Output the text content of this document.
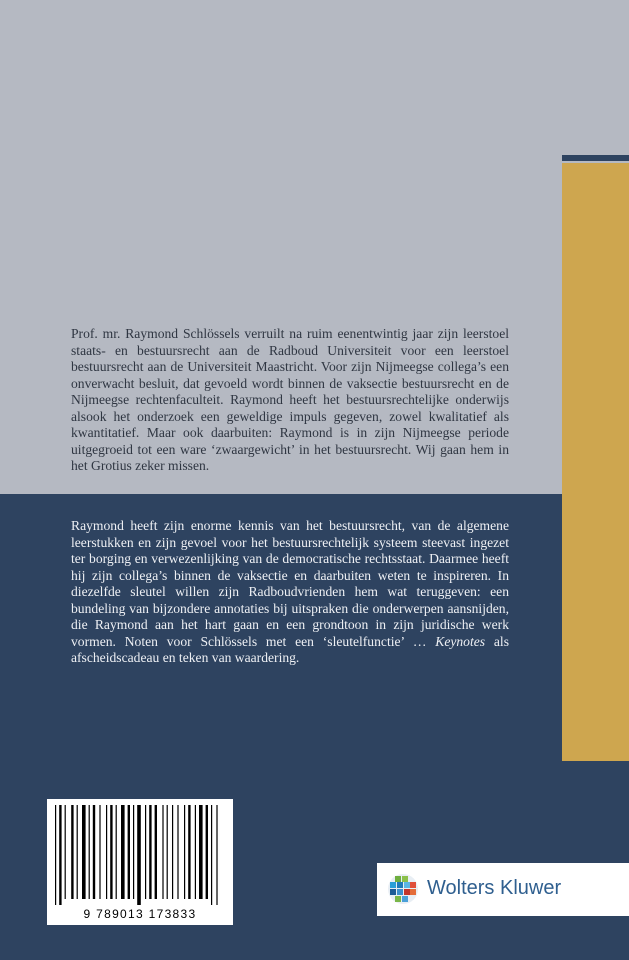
Prof. mr. Raymond Schlössels verruilt na ruim eenentwintig jaar zijn leerstoel staats- en bestuursrecht aan de Radboud Universiteit voor een leerstoel bestuursrecht aan de Universiteit Maastricht. Voor zijn Nijmeegse collega’s een onverwacht besluit, dat gevoeld wordt binnen de vaksectie bestuursrecht en de Nijmeegse rechtenfaculteit. Raymond heeft het bestuursrechtelijke onderwijs alsook het onderzoek een geweldige impuls gegeven, zowel kwalitatief als kwantitatief. Maar ook daarbuiten: Raymond is in zijn Nijmeegse periode uitgegroeid tot een ware ‘zwaargewicht’ in het bestuursrecht. Wij gaan hem in het Grotius zeker missen.

Raymond heeft zijn enorme kennis van het bestuursrecht, van de algemene leerstukken en zijn gevoel voor het bestuursrechtelijk systeem steevast ingezet ter borging en verwezenlijking van de democratische rechtsstaat. Daarmee heeft hij zijn collega’s binnen de vaksectie en daarbuiten weten te inspireren. In diezelfde sleutel willen zijn Radboudvrienden hem wat teruggeven: een bundeling van bijzondere annotaties bij uitspraken die onderwerpen aansnijden, die Raymond aan het hart gaan en een grondtoon in zijn juridische werk vormen. Noten voor Schlössels met een ‘sleutelfunctie’ … Keynotes als afscheidscadeau en teken van waardering.

9 789013 173833
Wolters Kluwer
